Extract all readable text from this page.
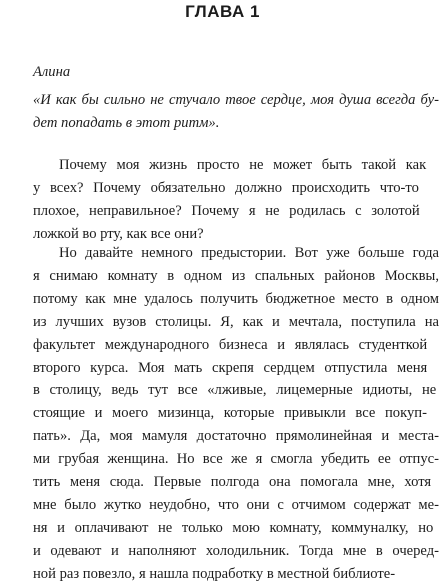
ГЛАВА 1
Алина
«И как бы сильно не стучало твое сердце, моя душа всегда бу-
дет попадать в этот ритм».
Почему моя жизнь просто не может быть такой как
у всех? Почему обязательно должно происходить что-то
плохое, неправильное? Почему я не родилась с золотой
ложкой во рту, как все они?
Но давайте немного предыстории. Вот уже больше года
я снимаю комнату в одном из спальных районов Москвы,
потому как мне удалось получить бюджетное место в одном
из лучших вузов столицы. Я, как и мечтала, поступила на
факультет международного бизнеса и являлась студенткой
второго курса. Моя мать скрепя сердцем отпустила меня
в столицу, ведь тут все «лживые, лицемерные идиоты, не
стоящие и моего мизинца, которые привыкли все покуп-
пать». Да, моя мамуля достаточно прямолинейная и места-
ми грубая женщина. Но все же я смогла убедить ее отпус-
тить меня сюда. Первые полгода она помогала мне, хотя
мне было жутко неудобно, что они с отчимом содержат ме-
ня и оплачивают не только мою комнату, коммуналку, но
и одевают и наполняют холодильник. Тогда мне в очеред-
ной раз повезло, я нашла подработку в местной библиоте-
